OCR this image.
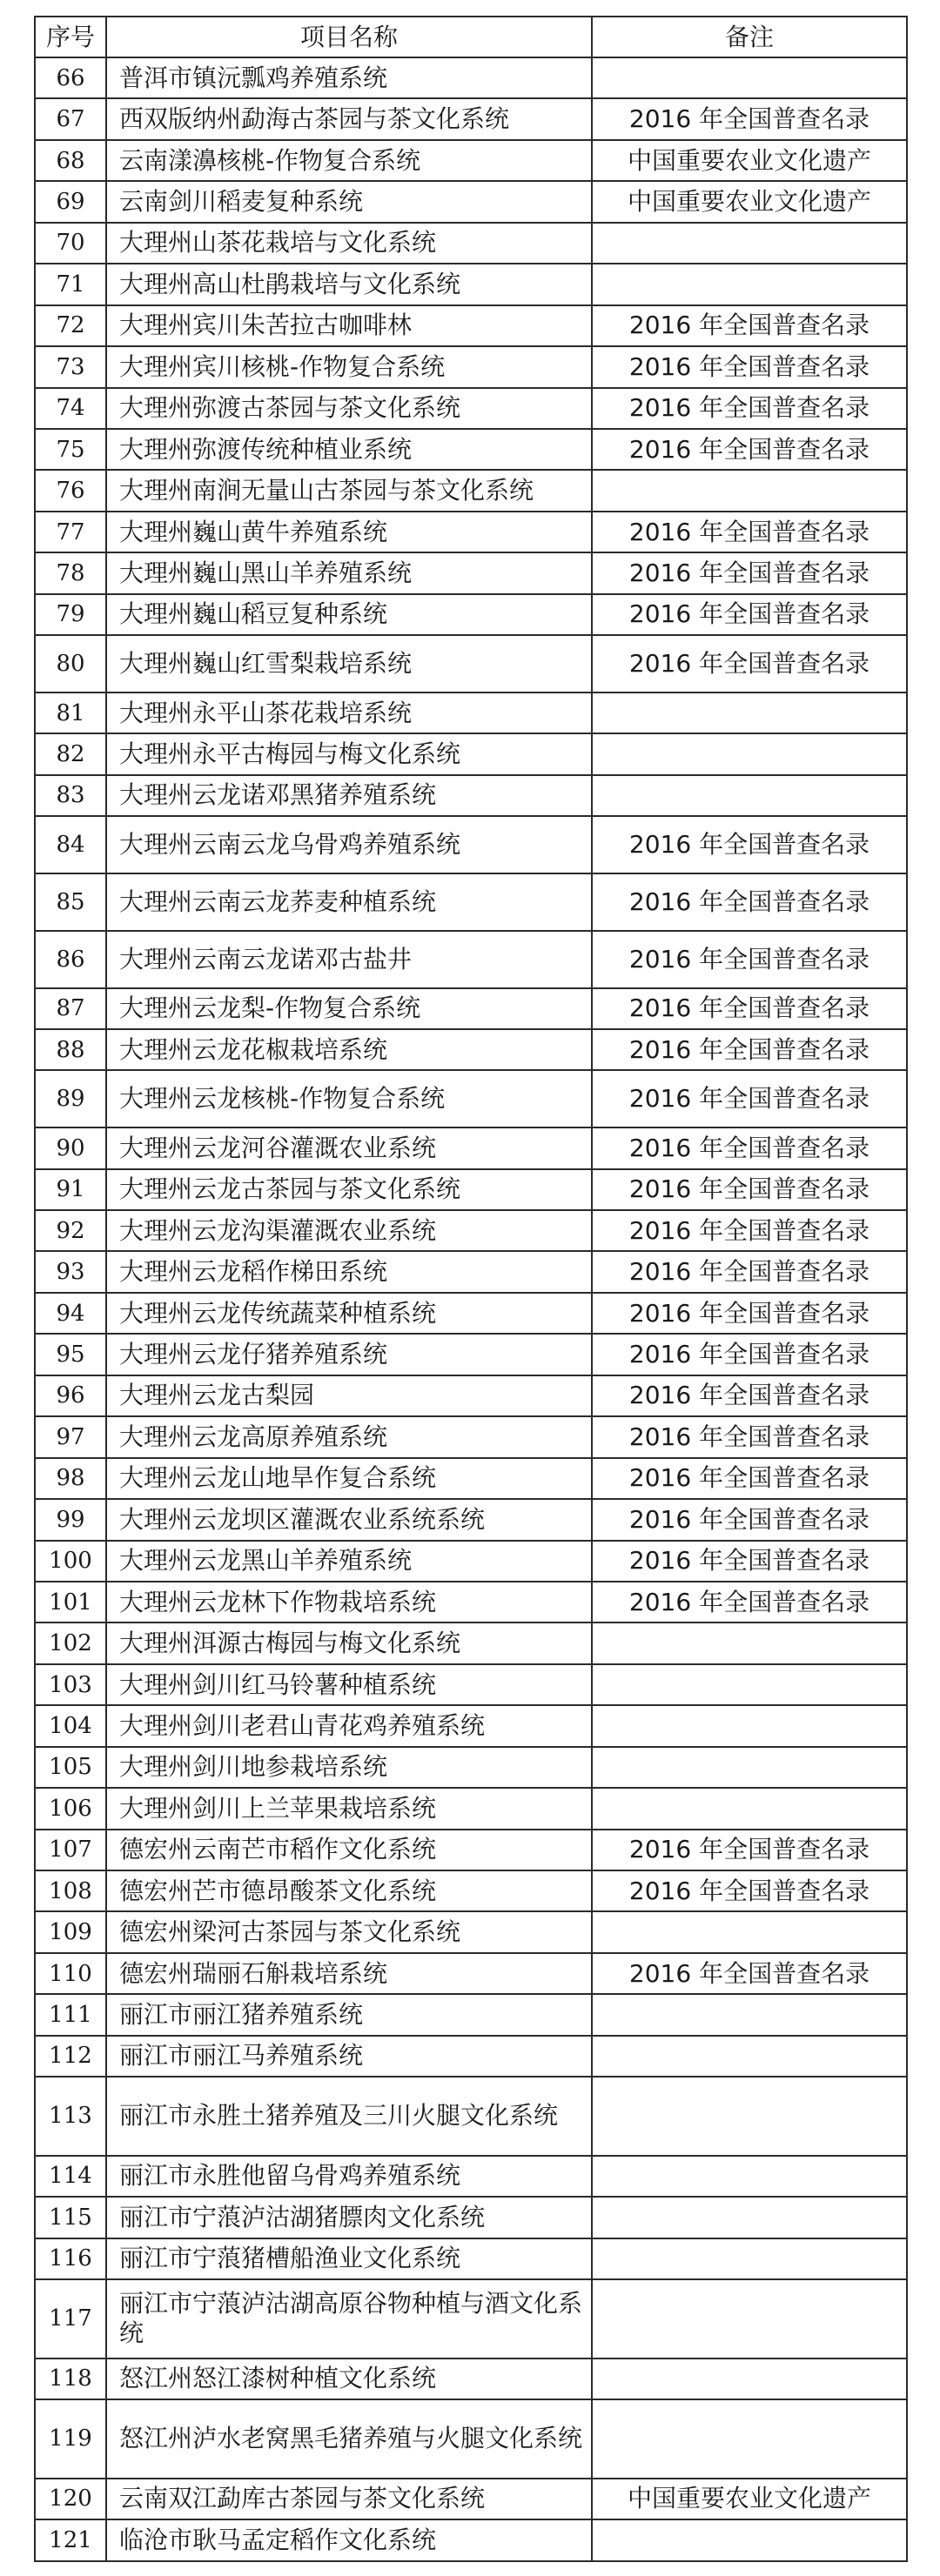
序号	项目名称	备注
66	普洱市镇沅瓢鸡养殖系统	
67	西双版纳州勐海古茶园与茶文化系统	2016 年全国普查名录
68	云南漾濞核桃-作物复合系统	中国重要农业文化遗产
69	云南剑川稻麦复种系统	中国重要农业文化遗产
70	大理州山茶花栽培与文化系统	
71	大理州高山杜鹃栽培与文化系统	
72	大理州宾川朱苦拉古咖啡林	2016 年全国普查名录
73	大理州宾川核桃-作物复合系统	2016 年全国普查名录
74	大理州弥渡古茶园与茶文化系统	2016 年全国普查名录
75	大理州弥渡传统种植业系统	2016 年全国普查名录
76	大理州南涧无量山古茶园与茶文化系统	
77	大理州巍山黄牛养殖系统	2016 年全国普查名录
78	大理州巍山黑山羊养殖系统	2016 年全国普查名录
79	大理州巍山稻豆复种系统	2016 年全国普查名录
80	大理州巍山红雪梨栽培系统	2016 年全国普查名录
81	大理州永平山茶花栽培系统	
82	大理州永平古梅园与梅文化系统	
83	大理州云龙诺邓黑猪养殖系统	
84	大理州云南云龙乌骨鸡养殖系统	2016 年全国普查名录
85	大理州云南云龙荞麦种植系统	2016 年全国普查名录
86	大理州云南云龙诺邓古盐井	2016 年全国普查名录
87	大理州云龙梨-作物复合系统	2016 年全国普查名录
88	大理州云龙花椒栽培系统	2016 年全国普查名录
89	大理州云龙核桃-作物复合系统	2016 年全国普查名录
90	大理州云龙河谷灌溉农业系统	2016 年全国普查名录
91	大理州云龙古茶园与茶文化系统	2016 年全国普查名录
92	大理州云龙沟渠灌溉农业系统	2016 年全国普查名录
93	大理州云龙稻作梯田系统	2016 年全国普查名录
94	大理州云龙传统蔬菜种植系统	2016 年全国普查名录
95	大理州云龙仔猪养殖系统	2016 年全国普查名录
96	大理州云龙古梨园	2016 年全国普查名录
97	大理州云龙高原养殖系统	2016 年全国普查名录
98	大理州云龙山地旱作复合系统	2016 年全国普查名录
99	大理州云龙坝区灌溉农业系统系统	2016 年全国普查名录
100	大理州云龙黑山羊养殖系统	2016 年全国普查名录
101	大理州云龙林下作物栽培系统	2016 年全国普查名录
102	大理州洱源古梅园与梅文化系统	
103	大理州剑川红马铃薯种植系统	
104	大理州剑川老君山青花鸡养殖系统	
105	大理州剑川地参栽培系统	
106	大理州剑川上兰苹果栽培系统	
107	德宏州云南芒市稻作文化系统	2016 年全国普查名录
108	德宏州芒市德昂酸茶文化系统	2016 年全国普查名录
109	德宏州梁河古茶园与茶文化系统	
110	德宏州瑞丽石斛栽培系统	2016 年全国普查名录
111	丽江市丽江猪养殖系统	
112	丽江市丽江马养殖系统	
113	丽江市永胜土猪养殖及三川火腿文化系统	
114	丽江市永胜他留乌骨鸡养殖系统	
115	丽江市宁蒗泸沽湖猪膘肉文化系统	
116	丽江市宁蒗猪槽船渔业文化系统	
117	丽江市宁蒗泸沽湖高原谷物种植与酒文化系统	
118	怒江州怒江漆树种植文化系统	
119	怒江州泸水老窝黑毛猪养殖与火腿文化系统	
120	云南双江勐库古茶园与茶文化系统	中国重要农业文化遗产
121	临沧市耿马孟定稻作文化系统	
